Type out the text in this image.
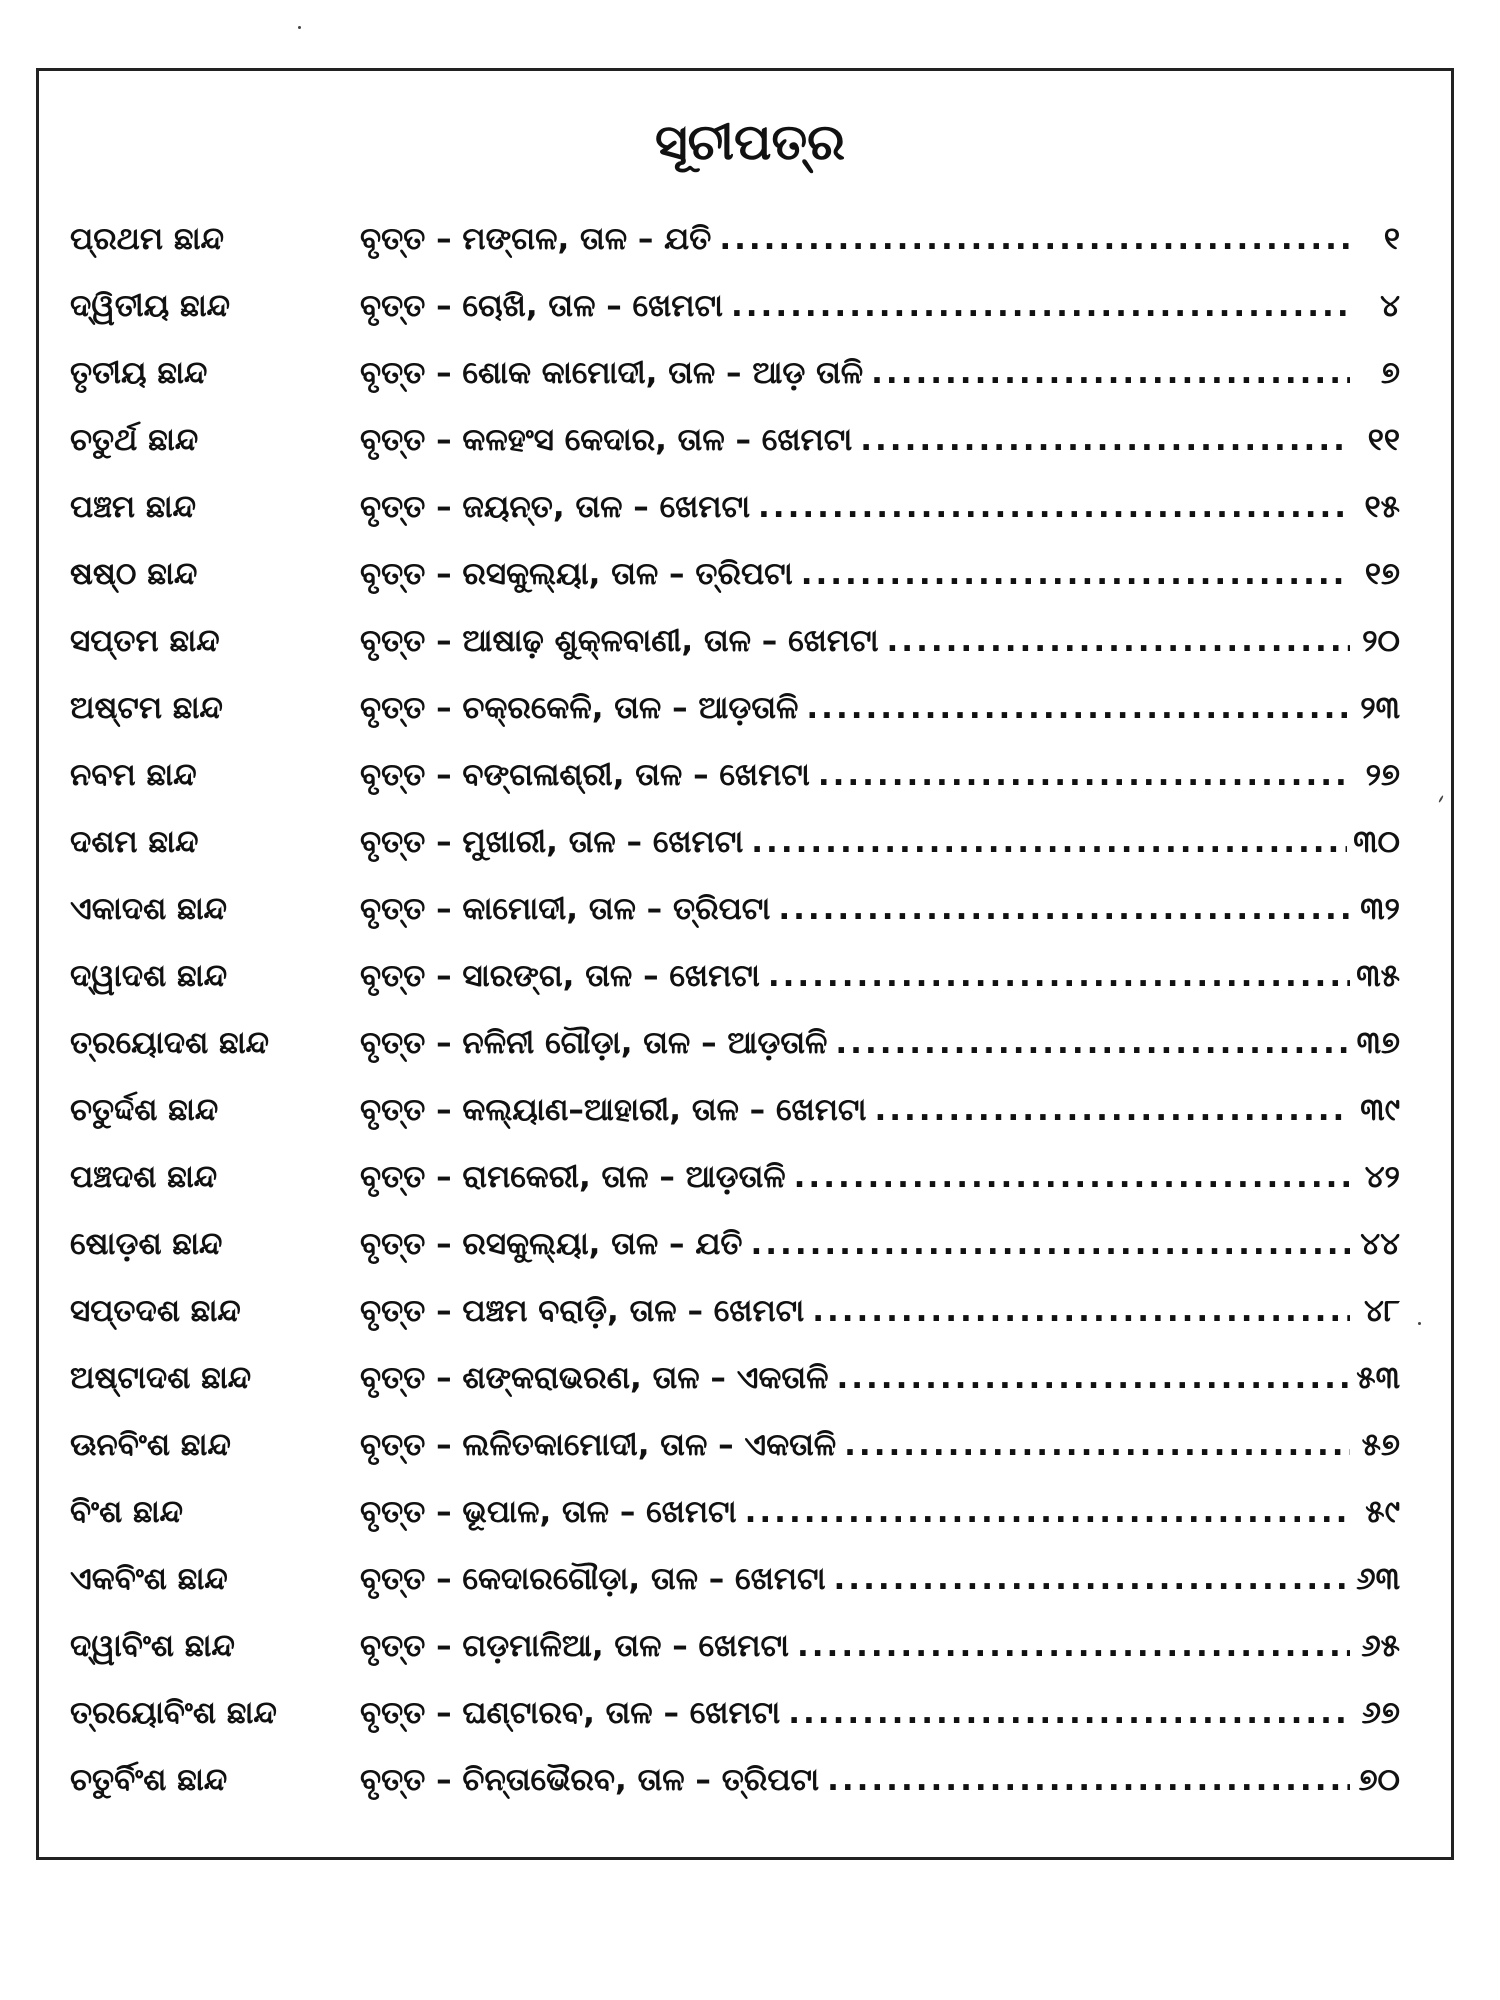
ସୂଚୀପତ୍ର
ପ୍ରଥମ ଛାନ୍ଦ	ବୃତ୍ତ – ମଙ୍ଗଳ, ତାଳ – ଯତି .....	୧
ଦ୍ୱିତୀୟ ଛାନ୍ଦ	ବୃତ୍ତ – ଚୋଖି, ତାଳ – ଖେମଟା .....	୪
ତୃତୀୟ ଛାନ୍ଦ	ବୃତ୍ତ – ଶୋକ କାମୋଦୀ, ତାଳ – ଆଡ଼ ତାଳି .....	୭
ଚତୁର୍ଥ ଛାନ୍ଦ	ବୃତ୍ତ – କଳହଂସ କେଦାର, ତାଳ – ଖେମଟା .....	୧୧
ପଞ୍ଚମ ଛାନ୍ଦ	ବୃତ୍ତ – ଜୟନ୍ତ, ତାଳ – ଖେମଟା .....	୧୫
ଷଷ୍ଠ ଛାନ୍ଦ	ବୃତ୍ତ – ରସକୁଲ୍ୟା, ତାଳ – ତ୍ରିପଟା .....	୧୭
ସପ୍ତମ ଛାନ୍ଦ	ବୃତ୍ତ – ଆଷାଢ଼ ଶୁକ୍ଳବାଣୀ, ତାଳ – ଖେମଟା .....	୨୦
ଅଷ୍ଟମ ଛାନ୍ଦ	ବୃତ୍ତ – ଚକ୍ରକେଳି, ତାଳ – ଆଡ଼ତାଳି .....	୨୩
ନବମ ଛାନ୍ଦ	ବୃତ୍ତ – ବଙ୍ଗଳାଶ୍ରୀ, ତାଳ – ଖେମଟା .....	୨୭
ଦଶମ ଛାନ୍ଦ	ବୃତ୍ତ – ମୁଖାରୀ, ତାଳ – ଖେମଟା .....	୩୦
ଏକାଦଶ ଛାନ୍ଦ	ବୃତ୍ତ – କାମୋଦୀ, ତାଳ – ତ୍ରିପଟା .....	୩୨
ଦ୍ୱାଦଶ ଛାନ୍ଦ	ବୃତ୍ତ – ସାରଙ୍ଗ, ତାଳ – ଖେମଟା .....	୩୫
ତ୍ରୟୋଦଶ ଛାନ୍ଦ	ବୃତ୍ତ – ନଳିନୀ ଗୌଡ଼ା, ତାଳ – ଆଡ଼ତାଳି .....	୩୭
ଚତୁର୍ଦ୍ଦଶ ଛାନ୍ଦ	ବୃତ୍ତ – କଲ୍ୟାଣ–ଆହାରୀ, ତାଳ – ଖେମଟା .....	୩୯
ପଞ୍ଚଦଶ ଛାନ୍ଦ	ବୃତ୍ତ – ରାମକେରୀ, ତାଳ – ଆଡ଼ତାଳି .....	୪୨
ଷୋଡ଼ଶ ଛାନ୍ଦ	ବୃତ୍ତ – ରସକୁଲ୍ୟା, ତାଳ – ଯତି .....	୪୪
ସପ୍ତଦଶ ଛାନ୍ଦ	ବୃତ୍ତ – ପଞ୍ଚମ ବରାଡ଼ି, ତାଳ – ଖେମଟା .....	୪୮
ଅଷ୍ଟାଦଶ ଛାନ୍ଦ	ବୃତ୍ତ – ଶଙ୍କରାଭରଣ, ତାଳ – ଏକତାଳି .....	୫୩
ଊନବିଂଶ ଛାନ୍ଦ	ବୃତ୍ତ – ଲଳିତକାମୋଦୀ, ତାଳ – ଏକତାଳି .....	୫୭
ବିଂଶ ଛାନ୍ଦ	ବୃତ୍ତ – ଭୂପାଳ, ତାଳ – ଖେମଟା .....	୫୯
ଏକବିଂଶ ଛାନ୍ଦ	ବୃତ୍ତ – କେଦାରଗୌଡ଼ା, ତାଳ – ଖେମଟା .....	୬୩
ଦ୍ୱାବିଂଶ ଛାନ୍ଦ	ବୃତ୍ତ – ଗଡ଼ମାଳିଆ, ତାଳ – ଖେମଟା .....	୬୫
ତ୍ରୟୋବିଂଶ ଛାନ୍ଦ	ବୃତ୍ତ – ଘଣ୍ଟାରବ, ତାଳ – ଖେମଟା .....	୬୭
ଚତୁର୍ବିଂଶ ଛାନ୍ଦ	ବୃତ୍ତ – ଚିନ୍ତାଭୈରବ, ତାଳ – ତ୍ରିପଟା .....	୭୦
